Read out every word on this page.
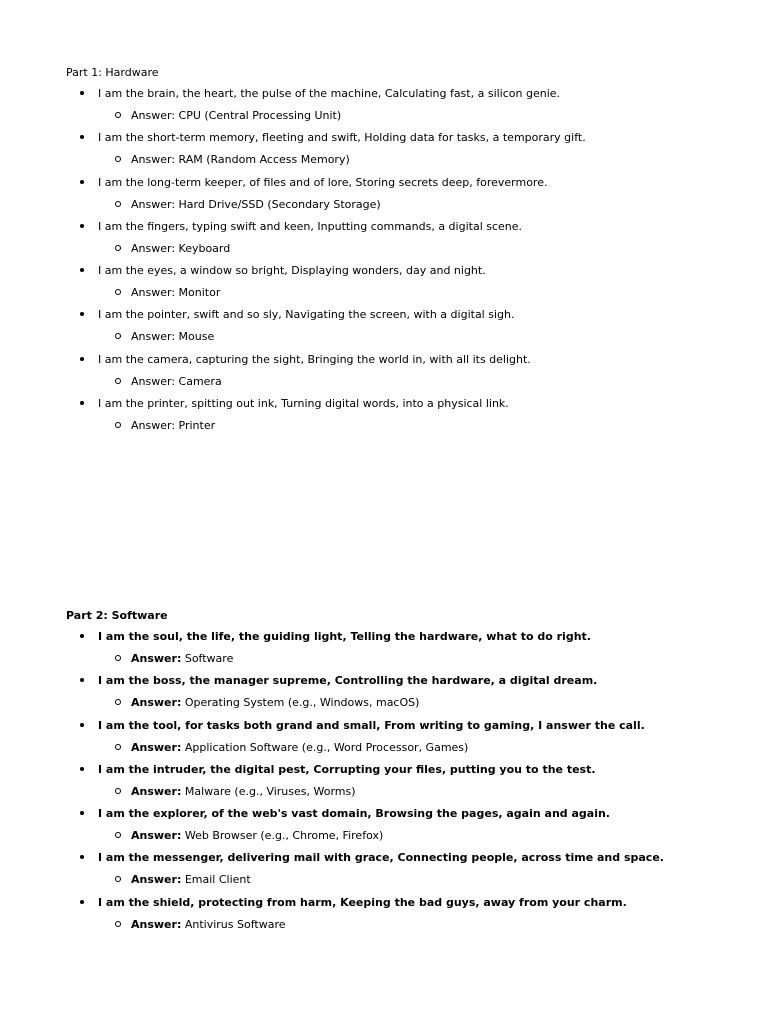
Part 1: Hardware
I am the brain, the heart, the pulse of the machine, Calculating fast, a silicon genie.
Answer: CPU (Central Processing Unit)
I am the short-term memory, fleeting and swift, Holding data for tasks, a temporary gift.
Answer: RAM (Random Access Memory)
I am the long-term keeper, of files and of lore, Storing secrets deep, forevermore.
Answer: Hard Drive/SSD (Secondary Storage)
I am the fingers, typing swift and keen, Inputting commands, a digital scene.
Answer: Keyboard
I am the eyes, a window so bright, Displaying wonders, day and night.
Answer: Monitor
I am the pointer, swift and so sly, Navigating the screen, with a digital sigh.
Answer: Mouse
I am the camera, capturing the sight, Bringing the world in, with all its delight.
Answer: Camera
I am the printer, spitting out ink, Turning digital words, into a physical link.
Answer: Printer
Part 2: Software
I am the soul, the life, the guiding light, Telling the hardware, what to do right.
Answer: Software
I am the boss, the manager supreme, Controlling the hardware, a digital dream.
Answer: Operating System (e.g., Windows, macOS)
I am the tool, for tasks both grand and small, From writing to gaming, I answer the call.
Answer: Application Software (e.g., Word Processor, Games)
I am the intruder, the digital pest, Corrupting your files, putting you to the test.
Answer: Malware (e.g., Viruses, Worms)
I am the explorer, of the web's vast domain, Browsing the pages, again and again.
Answer: Web Browser (e.g., Chrome, Firefox)
I am the messenger, delivering mail with grace, Connecting people, across time and space.
Answer: Email Client
I am the shield, protecting from harm, Keeping the bad guys, away from your charm.
Answer: Antivirus Software
